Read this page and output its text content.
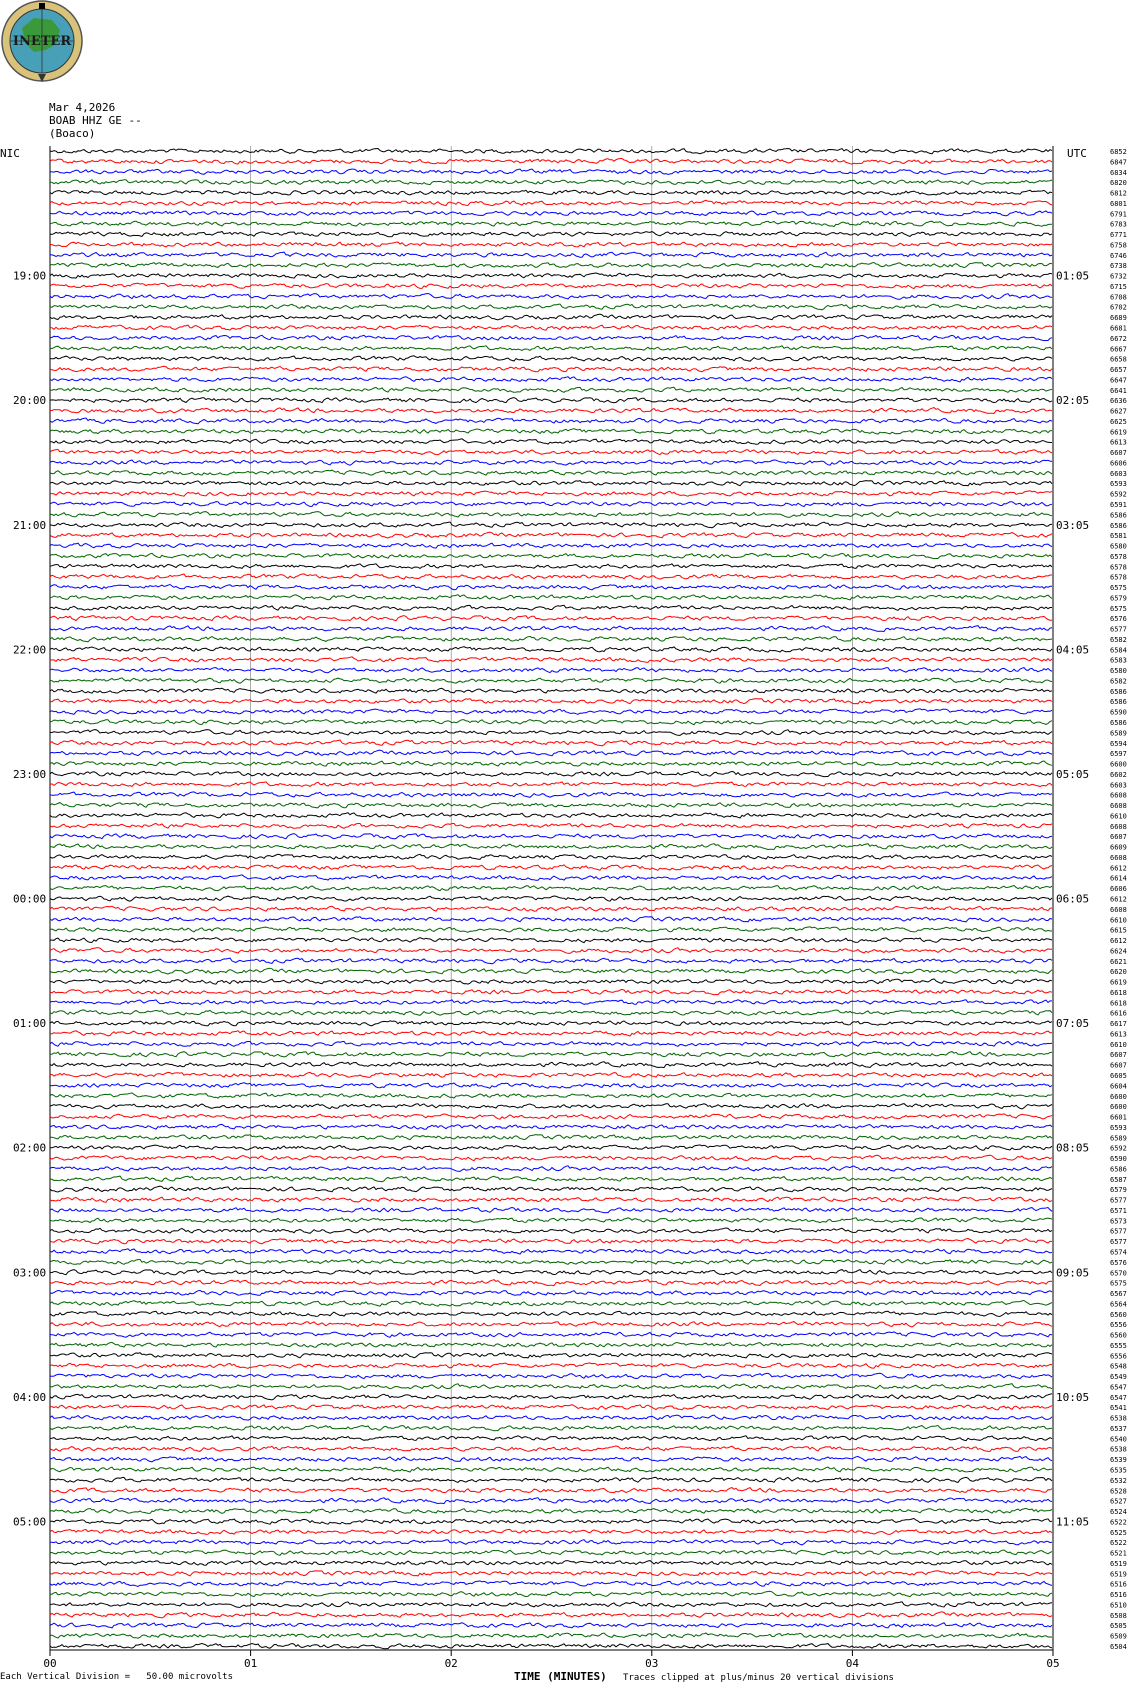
INETER
Mar 4,2026
BOAB HHZ GE --
(Boaco)
NIC	UTC
00	01	02	03	04	05
6852
6847
6834
6820
6812
6801
6791
6783
6771
6758
6746
6738
6732
6715
6708
6702
6689
6681
6672
6667
6658
6657
6647
6641
6636
6627
6625
6619
6613
6607
6606
6603
6593
6592
6591
6586
6586
6581
6580
6578
6578
6578
6575
6579
6575
6576
6577
6582
6584
6583
6580
6582
6586
6586
6590
6586
6589
6594
6597
6600
6602
6603
6608
6608
6610
6608
6607
6609
6608
6612
6614
6606
6612
6608
6610
6615
6612
6624
6621
6620
6619
6618
6618
6616
6617
6613
6610
6607
6607
6605
6604
6600
6600
6601
6593
6589
6592
6590
6586
6587
6579
6577
6571
6573
6577
6577
6574
6576
6570
6575
6567
6564
6560
6556
6560
6555
6556
6548
6549
6547
6547
6541
6538
6537
6540
6538
6539
6535
6532
6528
6527
6524
6522
6525
6522
6521
6519
6519
6516
6516
6510
6508
6505
6509
6504
19:00	01:05
20:00	02:05
21:00	03:05
22:00	04:05
23:00	05:05
00:00	06:05
01:00	07:05
02:00	08:05
03:00	09:05
04:00	10:05
05:00	11:05
Each Vertical Division =   50.00 microvolts	TIME (MINUTES) Traces clipped at plus/minus 20 vertical divisions
